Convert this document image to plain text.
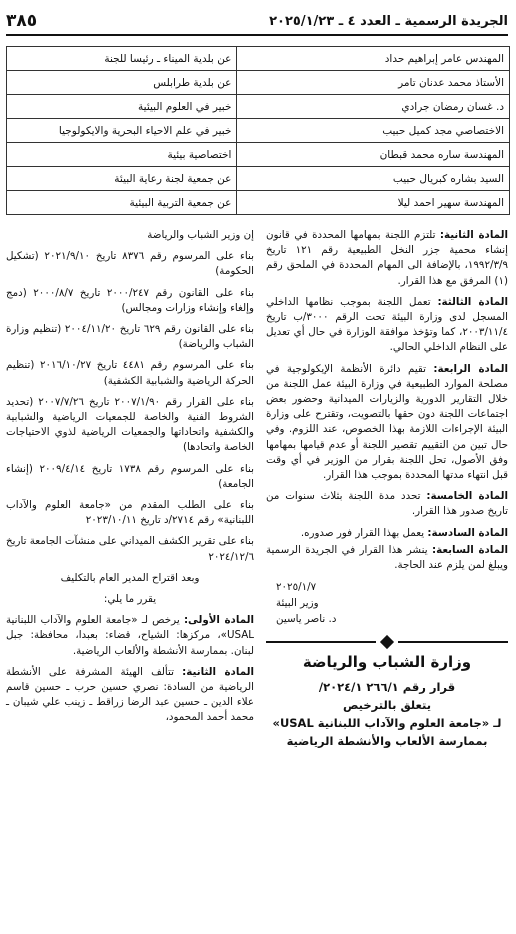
الجريدة الرسمية ـ العدد ٤ ـ ٢٠٢٥/١/٢٣
٣٨٥
المهندس عامر إبراهيم حداد	عن بلدية الميناء ـ رئيسا للجنة
الأستاذ محمد عدنان تامر	عن بلدية طرابلس
د. غسان رمضان جرادي	خبير في العلوم البيئية
الاختصاصي مجد كميل حبيب	خبير في علم الاحياء البحرية والايكولوجيا
المهندسة ساره محمد قبطان	اختصاصية بيئية
السيد بشاره كبريال حبيب	عن جمعية لجنة رعاية البيئة
المهندسة سهير احمد ليلا	عن جمعية التربية البيئية

المادة الثانية: تلتزم اللجنة بمهامها المحددة في قانون إنشاء محمية جزر النخل الطبيعية رقم ١٢١ تاريخ ١٩٩٢/٣/٩، بالإضافة الى المهام المحددة في الملحق رقم (١) المرفق مع هذا القرار.

المادة الثالثة: تعمل اللجنة بموجب نظامها الداخلي المسجل لدى وزارة البيئة تحت الرقم ٣٠٠٠/ب تاريخ ٢٠٠٣/١١/٤، كما وتؤخذ موافقة الوزارة في حال أي تعديل على النظام الداخلي الحالي.

المادة الرابعة: تقيم دائرة الأنظمة الإيكولوجية في مصلحة الموارد الطبيعية في وزارة البيئة عمل اللجنة من خلال التقارير الدورية والزيارات الميدانية وحضور بعض اجتماعات اللجنة دون حقها بالتصويت، وتقترح على وزارة البيئة الإجراءات اللازمة بهذا الخصوص، عند اللزوم. وفي حال تبين من التقييم تقصير اللجنة أو عدم قيامها بمهامها وفق الأصول، تحل اللجنة بقرار من الوزير في أي وقت قبل انتهاء مدتها المحددة بموجب هذا القرار.

المادة الخامسة: تحدد مدة اللجنة بثلاث سنوات من تاريخ صدور هذا القرار.

المادة السادسة: يعمل بهذا القرار فور صدوره.

المادة السابعة: ينشر هذا القرار في الجريدة الرسمية ويبلغ لمن يلزم عند الحاجة.

٢٠٢٥/١/٧
وزير البيئة
د. ناصر ياسين
وزارة الشباب والرياضة
قرار رقم ٢٦٦/١ ٢٠٢٤/١/
يتعلق بالترخيص
لـ «جامعة العلوم والآداب اللبنانية USAL»
بممارسة الألعاب والأنشطة الرياضية

إن وزير الشباب والرياضة

بناء على المرسوم رقم ٨٣٧٦ تاريخ ٢٠٢١/٩/١٠ (تشكيل الحكومة)

بناء على القانون رقم ٢٠٠٠/٢٤٧ تاريخ ٢٠٠٠/٨/٧ (دمج وإلغاء وإنشاء وزارات ومجالس)

بناء على القانون رقم ٦٢٩ تاريخ ٢٠٠٤/١١/٢٠ (تنظيم وزارة الشباب والرياضة)

بناء على المرسوم رقم ٤٤٨١ تاريخ ٢٠١٦/١٠/٢٧ (تنظيم الحركة الرياضية والشبابية الكشفية)

بناء على القرار رقم ٢٠٠٧/١/٩٠ تاريخ ٢٠٠٧/٧/٢٦ (تحديد الشروط الفنية والخاصة للجمعيات الرياضية والشبابية والكشفية واتحاداتها والجمعيات الرياضية لذوي الاحتياجات الخاصة واتحادها)

بناء على المرسوم رقم ١٧٣٨ تاريخ ٢٠٠٩/٤/١٤ (إنشاء الجامعة)

بناء على الطلب المقدم من «جامعة العلوم والآداب اللبنانية» رقم ٢٧١٤/د تاريخ ٢٠٢٣/١٠/١١

بناء على تقرير الكشف الميداني على منشآت الجامعة تاريخ ٢٠٢٤/١٢/٦

وبعد اقتراح المدير العام بالتكليف

يقرر ما يلي:

المادة الأولى: يرخص لـ «جامعة العلوم والآداب اللبنانية USAL»، مركزها: الشياح، قضاء: بعبدا، محافظة: جبل لبنان. بممارسة الأنشطة والألعاب الرياضية.

المادة الثانية: تتألف الهيئة المشرفة على الأنشطة الرياضية من السادة: نصري حسين حرب ـ حسين قاسم علاء الدين ـ حسين عبد الرضا زراقط ـ زينب علي شيبان ـ محمد أحمد المحمود،
